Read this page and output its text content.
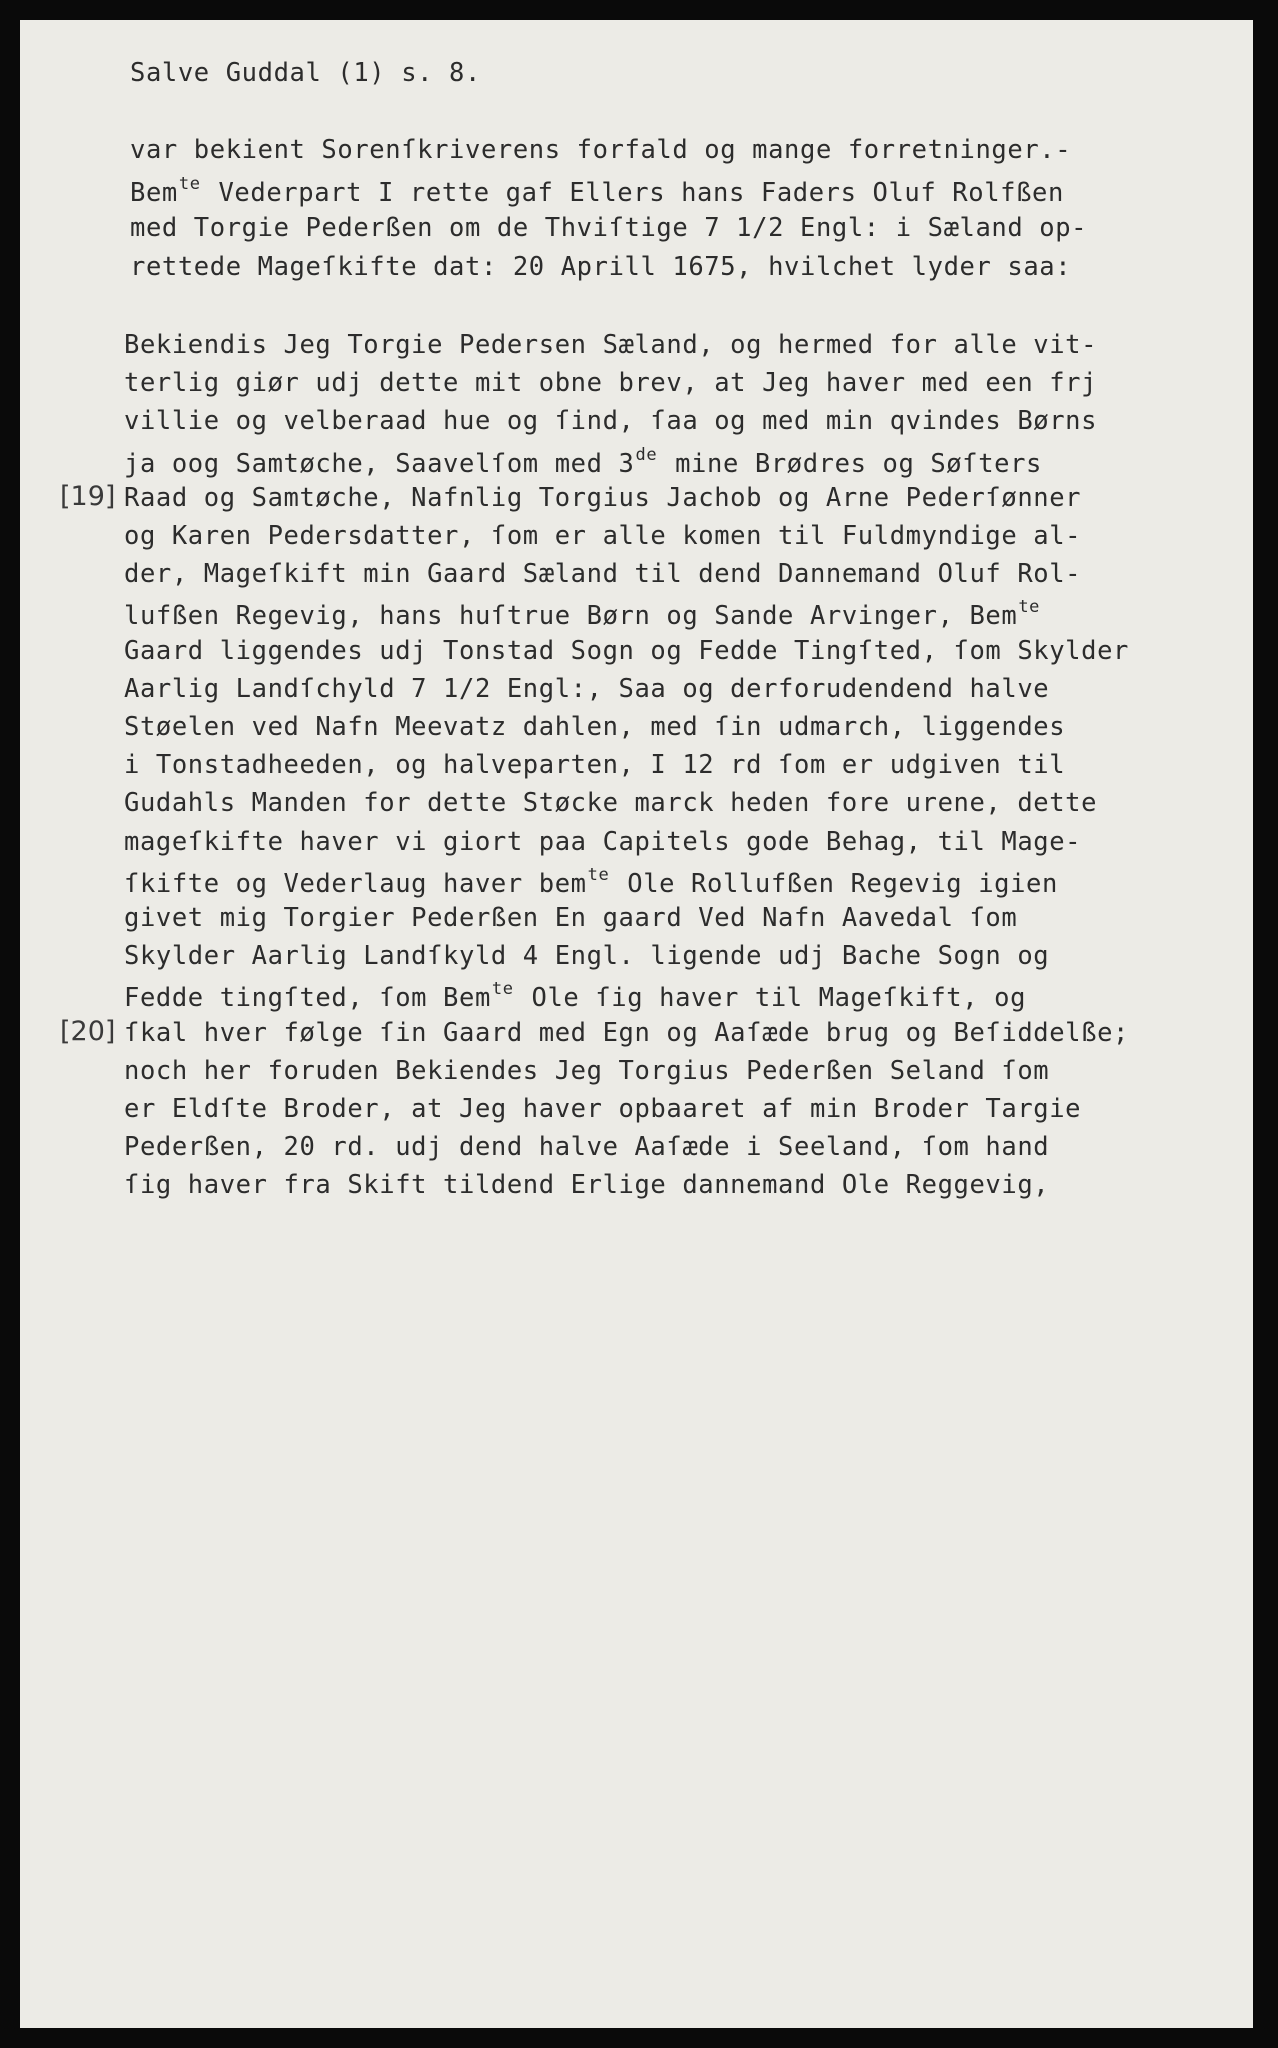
Salve Guddal (1) s. 8.
var bekient Sorenſkriverens forfald og mange forretninger.-
Bem$^{te}$ Vederpart I rette gaf Ellers hans Faders Oluf Rolfßen
med Torgie Pederßen om de Thviſtige 7 1/2 Engl: i Sæland op-
rettede Mageſkifte dat: 20 Aprill 1675, hvilchet lyder saa:
Bekiendis Jeg Torgie Pedersen Sæland, og hermed for alle vit-
terlig giør udj dette mit obne brev, at Jeg haver med een frj
villie og velberaad hue og ſind, ſaa og med min qvindes Børns
ja oog Samtøche, Saavelſom med 3de mine Brødres og Søſters
Raad og Samtøche, Nafnlig Torgius Jachob og Arne Pederſønner
og Karen Pedersdatter, ſom er alle komen til Fuldmyndige al-
der, Mageſkift min Gaard Sæland til dend Dannemand Oluf Rol-
lufßen Regevig, hans huſtrue Børn og Sande Arvinger, Bem$^{te}$
Gaard liggendes udj Tonstad Sogn og Fedde Tingſted, ſom Skylder
Aarlig Landſchyld 7 1/2 Engl:, Saa og derforudendend halve
Støelen ved Nafn Meevatz dahlen, med ſin udmarch, liggendes
i Tonstadheeden, og halveparten, I 12 rd ſom er udgiven til
Gudahls Manden for dette Støcke marck heden fore urene, dette
mageſkifte haver vi giort paa Capitels gode Behag, til Mage-
ſkifte og Vederlaug haver bem$^{te}$ Ole Rollufßen Regevig igien
givet mig Torgier Pederßen En gaard Ved Nafn Aavedal ſom
Skylder Aarlig Landſkyld 4 Engl. ligende udj Bache Sogn og
Fedde tingſted, ſom Bem$^{te}$ Ole ſig haver til Mageſkift, og
ſkal hver følge ſin Gaard med Egn og Aaſæde brug og Beſiddelße;
noch her foruden Bekiendes Jeg Torgius Pederßen Seland ſom
er Eldſte Broder, at Jeg haver opbaaret af min Broder Targie
Pederßen, 20 rd. udj dend halve Aaſæde i Seeland, ſom hand
ſig haver fra Skift tildend Erlige dannemand Ole Reggevig,
[19]
[20]
